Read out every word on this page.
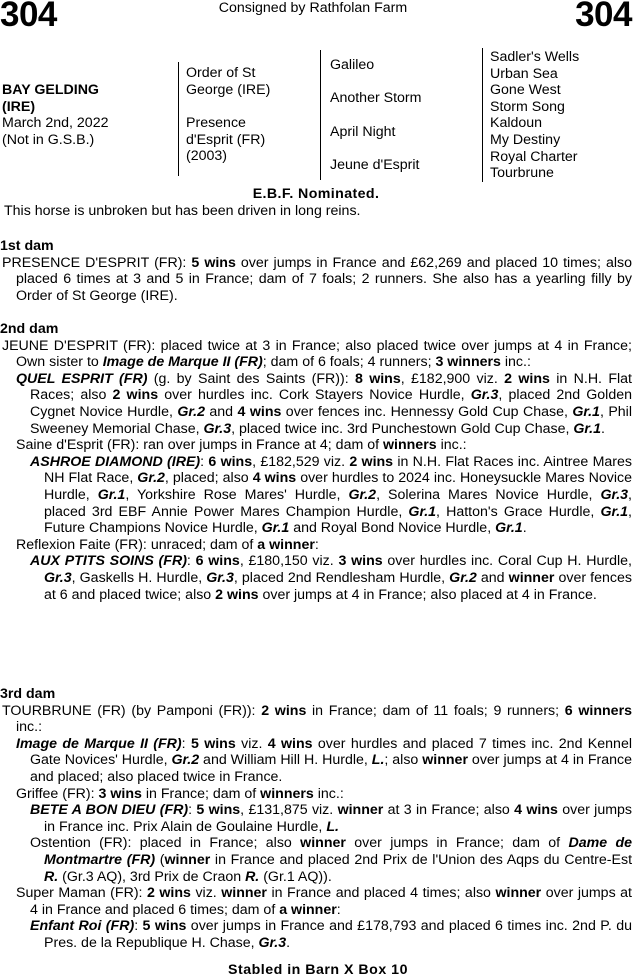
304	Consigned by Rathfolan Farm	304
BAY GELDING
(IRE)
March 2nd, 2022
(Not in G.S.B.)
Order of St
George (IRE)
Presence
d'Esprit (FR)
(2003)
Galileo
Another Storm
April Night
Jeune d'Esprit
Sadler's Wells
Urban Sea
Gone West
Storm Song
Kaldoun
My Destiny
Royal Charter
Tourbrune
E.B.F. Nominated.

This horse is unbroken but has been driven in long reins.

1st dam

PRESENCE D'ESPRIT (FR): 5 wins over jumps in France and £62,269 and placed 10 times; also placed 6 times at 3 and 5 in France; dam of 7 foals; 2 runners. She also has a yearling filly by Order of St George (IRE).

2nd dam

JEUNE D'ESPRIT (FR): placed twice at 3 in France; also placed twice over jumps at 4 in France; Own sister to Image de Marque II (FR); dam of 6 foals; 4 runners; 3 winners inc.:

QUEL ESPRIT (FR) (g. by Saint des Saints (FR)): 8 wins, £182,900 viz. 2 wins in N.H. Flat Races; also 2 wins over hurdles inc. Cork Stayers Novice Hurdle, Gr.3, placed 2nd Golden Cygnet Novice Hurdle, Gr.2 and 4 wins over fences inc. Hennessy Gold Cup Chase, Gr.1, Phil Sweeney Memorial Chase, Gr.3, placed twice inc. 3rd Punchestown Gold Cup Chase, Gr.1.

Saine d'Esprit (FR): ran over jumps in France at 4; dam of winners inc.:

ASHROE DIAMOND (IRE): 6 wins, £182,529 viz. 2 wins in N.H. Flat Races inc. Aintree Mares NH Flat Race, Gr.2, placed; also 4 wins over hurdles to 2024 inc. Honeysuckle Mares Novice Hurdle, Gr.1, Yorkshire Rose Mares' Hurdle, Gr.2, Solerina Mares Novice Hurdle, Gr.3, placed 3rd EBF Annie Power Mares Champion Hurdle, Gr.1, Hatton's Grace Hurdle, Gr.1, Future Champions Novice Hurdle, Gr.1 and Royal Bond Novice Hurdle, Gr.1.

Reflexion Faite (FR): unraced; dam of a winner:

AUX PTITS SOINS (FR): 6 wins, £180,150 viz. 3 wins over hurdles inc. Coral Cup H. Hurdle, Gr.3, Gaskells H. Hurdle, Gr.3, placed 2nd Rendlesham Hurdle, Gr.2 and winner over fences at 6 and placed twice; also 2 wins over jumps at 4 in France; also placed at 4 in France.

3rd dam

TOURBRUNE (FR) (by Pamponi (FR)): 2 wins in France; dam of 11 foals; 9 runners; 6 winners inc.:

Image de Marque II (FR): 5 wins viz. 4 wins over hurdles and placed 7 times inc. 2nd Kennel Gate Novices' Hurdle, Gr.2 and William Hill H. Hurdle, L.; also winner over jumps at 4 in France and placed; also placed twice in France.

Griffee (FR): 3 wins in France; dam of winners inc.:

BETE A BON DIEU (FR): 5 wins, £131,875 viz. winner at 3 in France; also 4 wins over jumps in France inc. Prix Alain de Goulaine Hurdle, L.

Ostention (FR): placed in France; also winner over jumps in France; dam of Dame de Montmartre (FR) (winner in France and placed 2nd Prix de l'Union des Aqps du Centre-Est R. (Gr.3 AQ), 3rd Prix de Craon R. (Gr.1 AQ)).

Super Maman (FR): 2 wins viz. winner in France and placed 4 times; also winner over jumps at 4 in France and placed 6 times; dam of a winner:

Enfant Roi (FR): 5 wins over jumps in France and £178,793 and placed 6 times inc. 2nd P. du Pres. de la Republique H. Chase, Gr.3.

Stabled in Barn X Box 10
